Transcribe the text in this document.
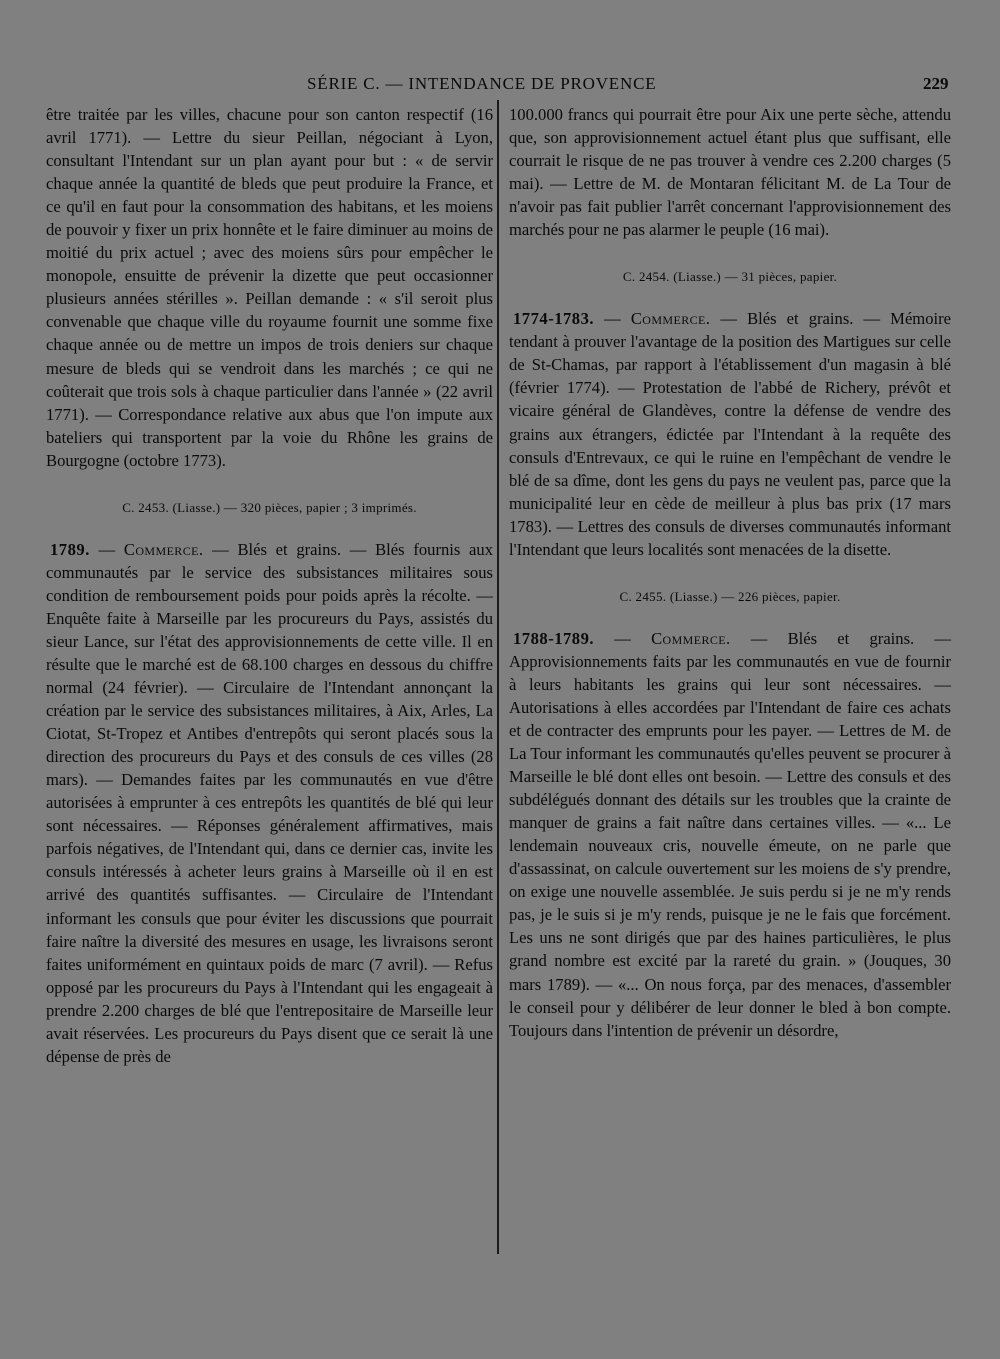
SÉRIE C. — INTENDANCE DE PROVENCE	229

être traitée par les villes, chacune pour son canton respectif (16 avril 1771). — Lettre du sieur Peillan, négociant à Lyon, consultant l'Intendant sur un plan ayant pour but : « de servir chaque année la quantité de bleds que peut produire la France, et ce qu'il en faut pour la consommation des habitans, et les moiens de pouvoir y fixer un prix honnête et le faire diminuer au moins de moitié du prix actuel ; avec des moiens sûrs pour empêcher le monopole, ensuitte de prévenir la dizette que peut occasionner plusieurs années stérilles ». Peillan demande : « s'il seroit plus convenable que chaque ville du royaume fournit une somme fixe chaque année ou de mettre un impos de trois deniers sur chaque mesure de bleds qui se vendroit dans les marchés ; ce qui ne coûterait que trois sols à chaque particulier dans l'année » (22 avril 1771). — Correspondance relative aux abus que l'on impute aux bateliers qui transportent par la voie du Rhône les grains de Bourgogne (octobre 1773).

C. 2453. (Liasse.) — 320 pièces, papier ; 3 imprimés.

1789. — Commerce. — Blés et grains. — Blés fournis aux communautés par le service des subsistances militaires sous condition de remboursement poids pour poids après la récolte. — Enquête faite à Marseille par les procureurs du Pays, assistés du sieur Lance, sur l'état des approvisionnements de cette ville. Il en résulte que le marché est de 68.100 charges en dessous du chiffre normal (24 février). — Circulaire de l'Intendant annonçant la création par le service des subsistances militaires, à Aix, Arles, La Ciotat, St-Tropez et Antibes d'entrepôts qui seront placés sous la direction des procureurs du Pays et des consuls de ces villes (28 mars). — Demandes faites par les communautés en vue d'être autorisées à emprunter à ces entrepôts les quantités de blé qui leur sont nécessaires. — Réponses généralement affirmatives, mais parfois négatives, de l'Intendant qui, dans ce dernier cas, invite les consuls intéressés à acheter leurs grains à Marseille où il en est arrivé des quantités suffisantes. — Circulaire de l'Intendant informant les consuls que pour éviter les discussions que pourrait faire naître la diversité des mesures en usage, les livraisons seront faites uniformément en quintaux poids de marc (7 avril). — Refus opposé par les procureurs du Pays à l'Intendant qui les engageait à prendre 2.200 charges de blé que l'entrepositaire de Marseille leur avait réservées. Les procureurs du Pays disent que ce serait là une dépense de près de

100.000 francs qui pourrait être pour Aix une perte sèche, attendu que, son approvisionnement actuel étant plus que suffisant, elle courrait le risque de ne pas trouver à vendre ces 2.200 charges (5 mai). — Lettre de M. de Montaran félicitant M. de La Tour de n'avoir pas fait publier l'arrêt concernant l'approvisionnement des marchés pour ne pas alarmer le peuple (16 mai).

C. 2454. (Liasse.) — 31 pièces, papier.

1774-1783. — Commerce. — Blés et grains. — Mémoire tendant à prouver l'avantage de la position des Martigues sur celle de St-Chamas, par rapport à l'établissement d'un magasin à blé (février 1774). — Protestation de l'abbé de Richery, prévôt et vicaire général de Glandèves, contre la défense de vendre des grains aux étrangers, édictée par l'Intendant à la requête des consuls d'Entrevaux, ce qui le ruine en l'empêchant de vendre le blé de sa dîme, dont les gens du pays ne veulent pas, parce que la municipalité leur en cède de meilleur à plus bas prix (17 mars 1783). — Lettres des consuls de diverses communautés informant l'Intendant que leurs localités sont menacées de la disette.

C. 2455. (Liasse.) — 226 pièces, papier.

1788-1789. — Commerce. — Blés et grains. — Approvisionnements faits par les communautés en vue de fournir à leurs habitants les grains qui leur sont nécessaires. — Autorisations à elles accordées par l'Intendant de faire ces achats et de contracter des emprunts pour les payer. — Lettres de M. de La Tour informant les communautés qu'elles peuvent se procurer à Marseille le blé dont elles ont besoin. — Lettre des consuls et des subdélégués donnant des détails sur les troubles que la crainte de manquer de grains a fait naître dans certaines villes. — «... Le lendemain nouveaux cris, nouvelle émeute, on ne parle que d'assassinat, on calcule ouvertement sur les moiens de s'y prendre, on exige une nouvelle assemblée. Je suis perdu si je ne m'y rends pas, je le suis si je m'y rends, puisque je ne le fais que forcément. Les uns ne sont dirigés que par des haines particulières, le plus grand nombre est excité par la rareté du grain. » (Jouques, 30 mars 1789). — «... On nous força, par des menaces, d'assembler le conseil pour y délibérer de leur donner le bled à bon compte. Toujours dans l'intention de prévenir un désordre,
